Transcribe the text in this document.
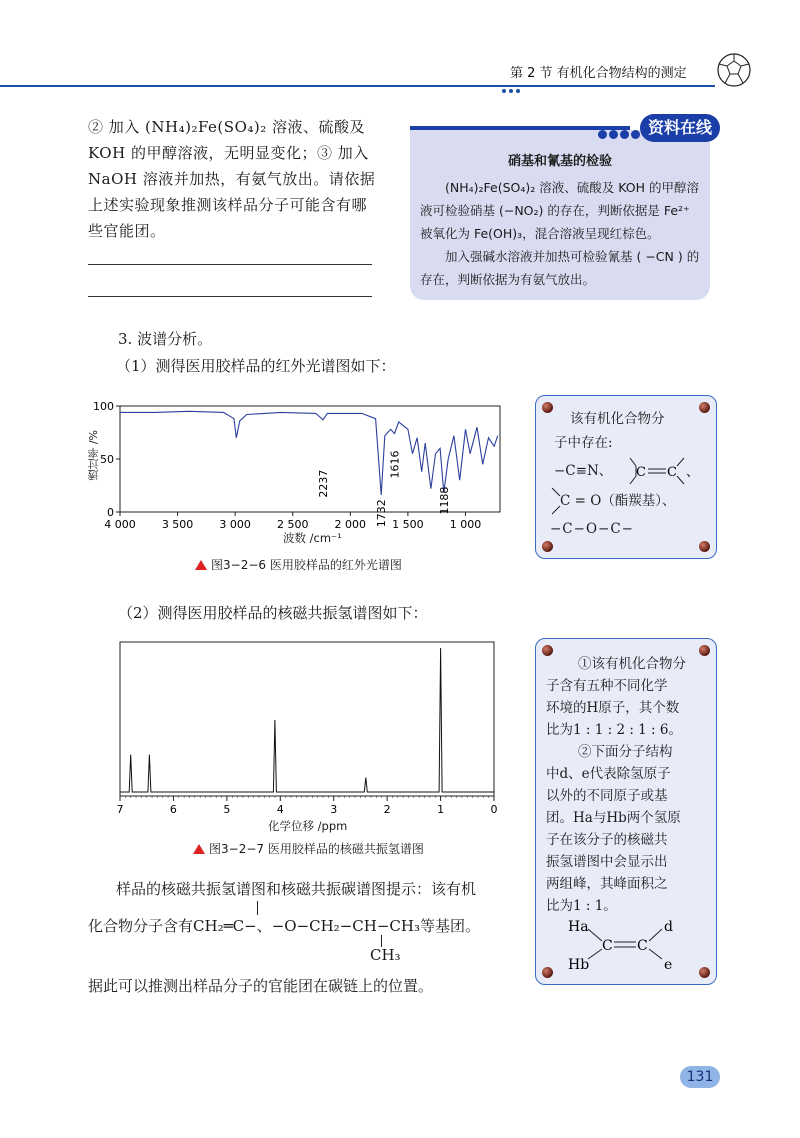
第 2 节 有机化合物结构的测定

② 加入 (NH₄)₂Fe(SO₄)₂ 溶液、硫酸及

KOH 的甲醇溶液，无明显变化；③ 加入

NaOH 溶液并加热，有氨气放出。请依据

上述实验现象推测该样品分子可能含有哪

些官能团。

资料在线
硝基和氰基的检验

(NH₄)₂Fe(SO₄)₂ 溶液、硫酸及 KOH 的甲醇溶液可检验硝基 (−NO₂) 的存在，判断依据是 Fe²⁺ 被氧化为 Fe(OH)₃，混合溶液呈现红棕色。

加入强碱水溶液并加热可检验氰基 ( −CN ) 的存在，判断依据为有氨气放出。

3. 波谱分析。
（1）测得医用胶样品的红外光谱图如下：
100
50
0
4 000 3 500 3 000 2 500 2 000 1 500 1 000
2237
1616
1732	1188
透过率 /%
波数 /cm⁻¹
图3−2−6 医用胶样品的红外光谱图
该有机化合物分
子中存在:
−C≡N、 C C 、
C = O（酯羰基）、
−C−O−C−
（2）测得医用胶样品的核磁共振氢谱图如下：
7	6	5	4	3	2	1	0
化学位移 /ppm
图3−2−7 医用胶样品的核磁共振氢谱图
①该有机化合物分
子含有五种不同化学
环境的H原子，其个数
比为1 : 1 : 2 : 1 : 6。
②下面分子结构
中d、e代表除氢原子
以外的不同原子或基
团。Ha与Hb两个氢原
子在该分子的核磁共
振氢谱图中会显示出
两组峰，其峰面积之
比为1 : 1。
Ha
Hb
C C
d
e
样品的核磁共振氢谱图和核磁共振碳谱图提示：该有机
化合物分子含有CH₂═C−
、−O−CH₂−CH−CH₃等基团。
CH₃
据此可以推测出样品分子的官能团在碳链上的位置。
131
